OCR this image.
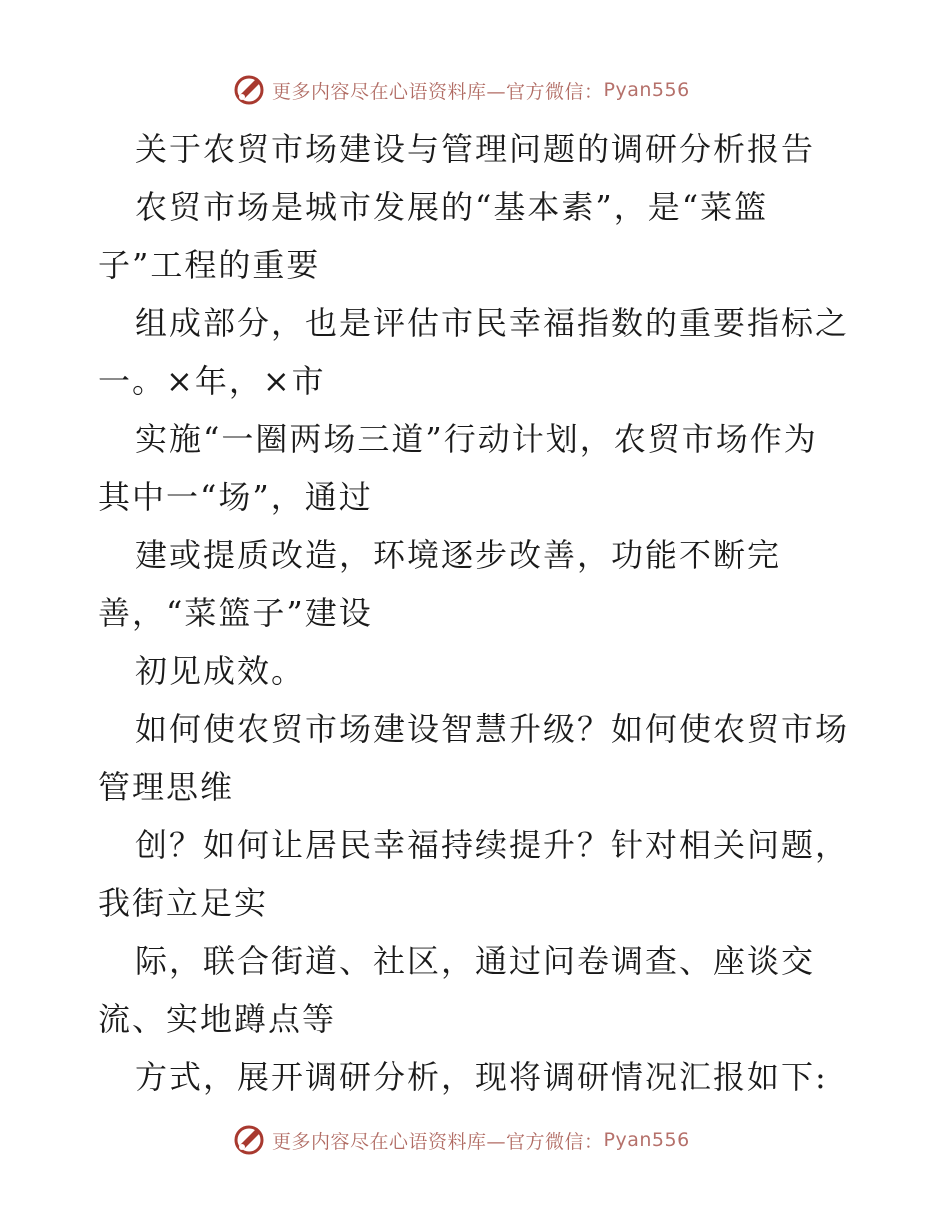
更多内容尽在心语资料库—官方微信： Pyan556
关于农贸市场建设与管理问题的调研分析报告
农贸市场是城市发展的“基本素”，是“菜篮
子”工程的重要
组成部分，也是评估市民幸福指数的重要指标之
一。×年，×市
实施“一圈两场三道”行动计划，农贸市场作为
其中一“场”，通过
建或提质改造，环境逐步改善，功能不断完
善，“菜篮子”建设
初见成效。
如何使农贸市场建设智慧升级？如何使农贸市场
管理思维
创？如何让居民幸福持续提升？针对相关问题，
我街立足实
际，联合街道、社区，通过问卷调查、座谈交
流、实地蹲点等
方式，展开调研分析，现将调研情况汇报如下:
更多内容尽在心语资料库—官方微信： Pyan556
